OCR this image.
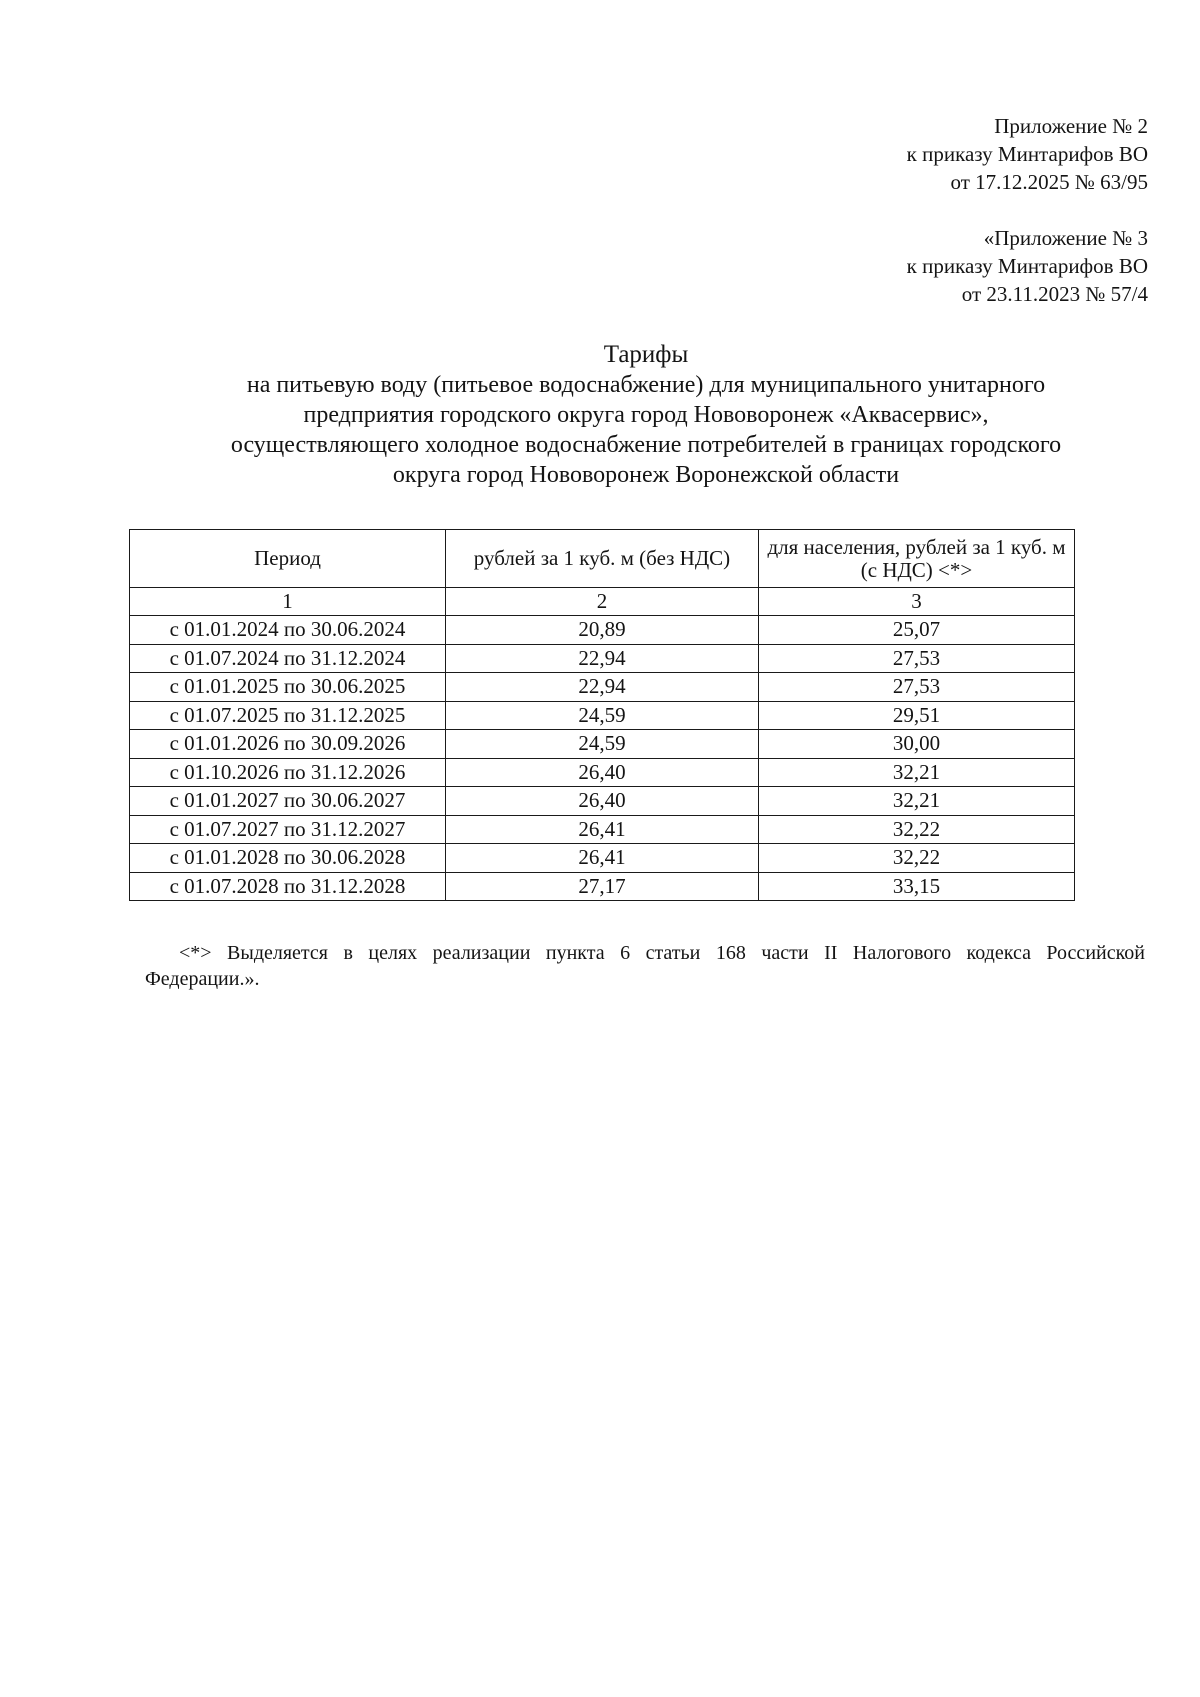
Приложение № 2
к приказу Минтарифов ВО
от 17.12.2025 № 63/95
«Приложение № 3
к приказу Минтарифов ВО
от 23.11.2023 № 57/4
Тарифы
на питьевую воду (питьевое водоснабжение) для муниципального унитарного
предприятия городского округа город Нововоронеж «Аквасервис»,
осуществляющего холодное водоснабжение потребителей в границах городского
округа город Нововоронеж Воронежской области
Период	рублей за 1 куб. м (без НДС)	для населения, рублей за 1 куб. м (с НДС) <*>
1	2	3
с 01.01.2024 по 30.06.2024	20,89	25,07
с 01.07.2024 по 31.12.2024	22,94	27,53
с 01.01.2025 по 30.06.2025	22,94	27,53
с 01.07.2025 по 31.12.2025	24,59	29,51
с 01.01.2026 по 30.09.2026	24,59	30,00
с 01.10.2026 по 31.12.2026	26,40	32,21
с 01.01.2027 по 30.06.2027	26,40	32,21
с 01.07.2027 по 31.12.2027	26,41	32,22
с 01.01.2028 по 30.06.2028	26,41	32,22
с 01.07.2028 по 31.12.2028	27,17	33,15
<*> Выделяется в целях реализации пункта 6 статьи 168 части II Налогового кодекса Российской
Федерации.».
